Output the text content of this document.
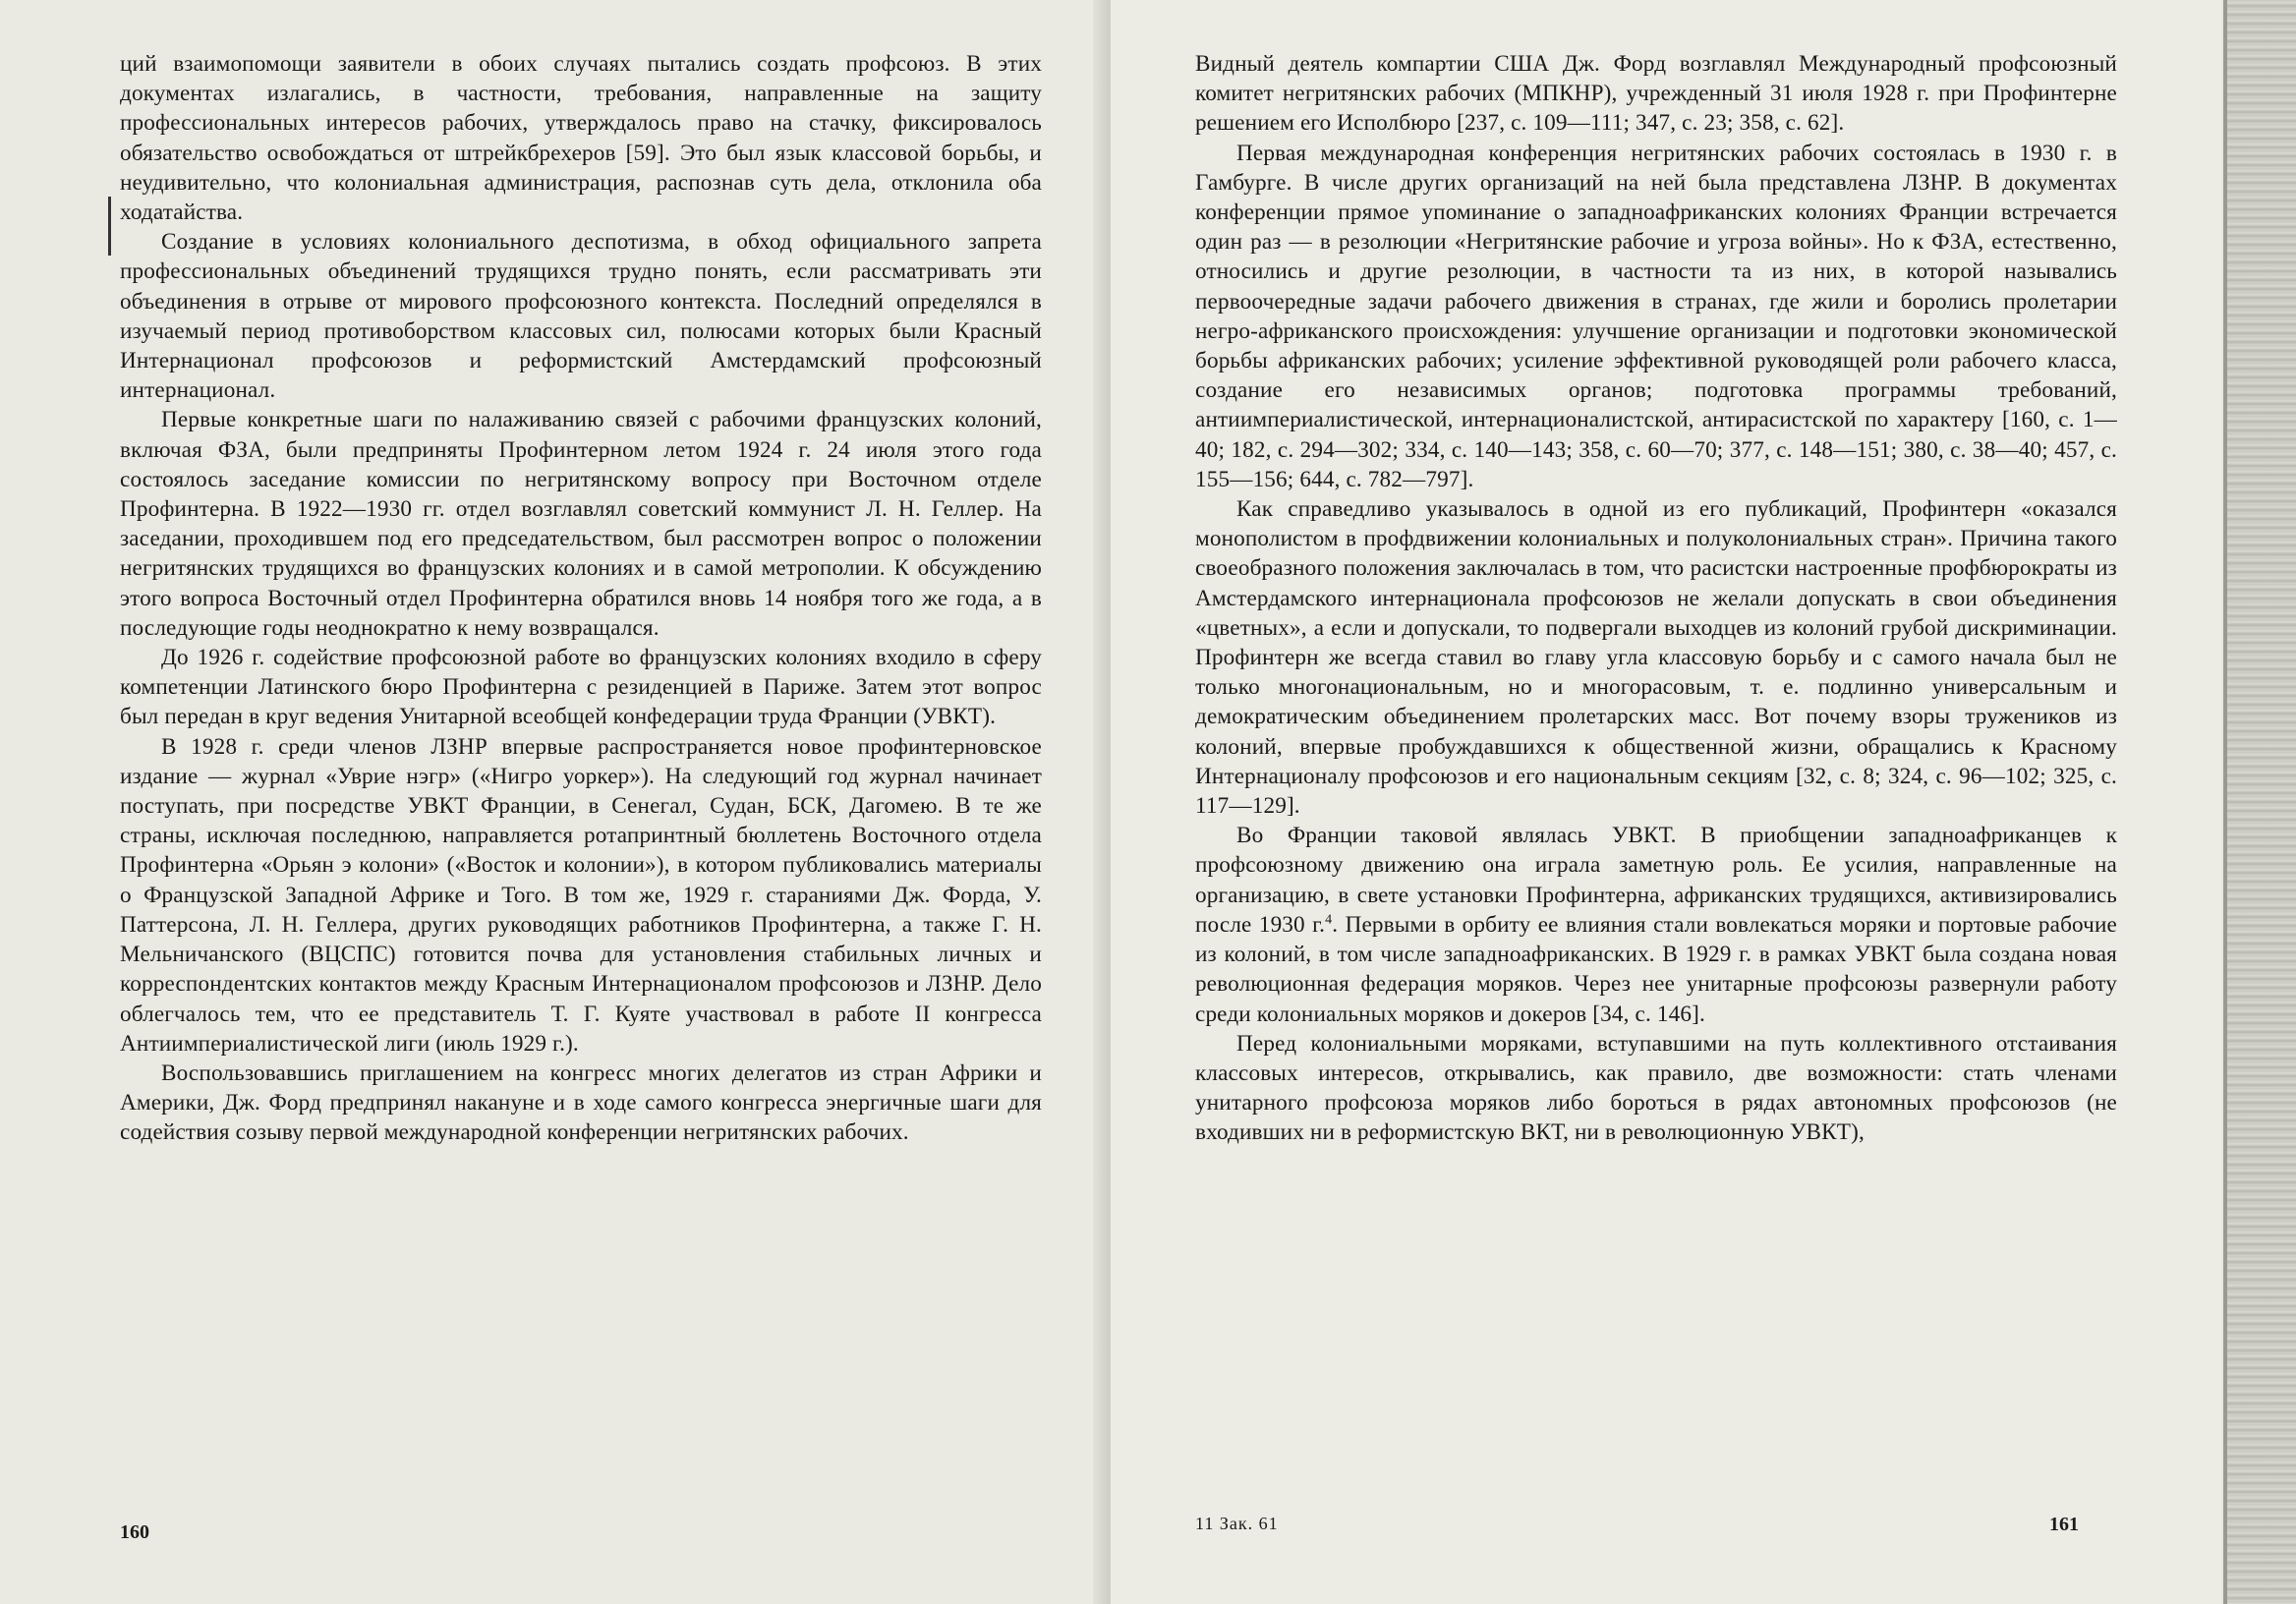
ций взаимопомощи заявители в обоих случаях пытались создать профсоюз. В этих документах излагались, в частности, требования, направленные на защиту профессиональных интересов рабочих, утверждалось право на стачку, фиксировалось обязательство освобождаться от штрейкбрехеров [59]. Это был язык классовой борьбы, и неудивительно, что колониальная администрация, распознав суть дела, отклонила оба ходатайства.

Создание в условиях колониального деспотизма, в обход официального запрета профессиональных объединений трудящихся трудно понять, если рассматривать эти объединения в отрыве от мирового профсоюзного контекста. Последний определялся в изучаемый период противоборством классовых сил, полюсами которых были Красный Интернационал профсоюзов и реформистский Амстердамский профсоюзный интернационал.

Первые конкретные шаги по налаживанию связей с рабочими французских колоний, включая ФЗА, были предприняты Профинтерном летом 1924 г. 24 июля этого года состоялось заседание комиссии по негритянскому вопросу при Восточном отделе Профинтерна. В 1922—1930 гг. отдел возглавлял советский коммунист Л. Н. Геллер. На заседании, проходившем под его председательством, был рассмотрен вопрос о положении негритянских трудящихся во французских колониях и в самой метрополии. К обсуждению этого вопроса Восточный отдел Профинтерна обратился вновь 14 ноября того же года, а в последующие годы неоднократно к нему возвращался.

До 1926 г. содействие профсоюзной работе во французских колониях входило в сферу компетенции Латинского бюро Профинтерна с резиденцией в Париже. Затем этот вопрос был передан в круг ведения Унитарной всеобщей конфедерации труда Франции (УВКТ).

В 1928 г. среди членов ЛЗНР впервые распространяется новое профинтерновское издание — журнал «Уврие нэгр» («Нигро уоркер»). На следующий год журнал начинает поступать, при посредстве УВКТ Франции, в Сенегал, Судан, БСК, Дагомею. В те же страны, исключая последнюю, направляется ротапринтный бюллетень Восточного отдела Профинтерна «Орьян э колони» («Восток и колонии»), в котором публиковались материалы о Французской Западной Африке и Того. В том же, 1929 г. стараниями Дж. Форда, У. Паттерсона, Л. Н. Геллера, других руководящих работников Профинтерна, а также Г. Н. Мельничанского (ВЦСПС) готовится почва для установления стабильных личных и корреспондентских контактов между Красным Интернационалом профсоюзов и ЛЗНР. Дело облегчалось тем, что ее представитель Т. Г. Куяте участвовал в работе II конгресса Антиимпериалистической лиги (июль 1929 г.).

Воспользовавшись приглашением на конгресс многих делегатов из стран Африки и Америки, Дж. Форд предпринял накануне и в ходе самого конгресса энергичные шаги для содействия созыву первой международной конференции негритянских рабочих.

160

Видный деятель компартии США Дж. Форд возглавлял Международный профсоюзный комитет негритянских рабочих (МПКНР), учрежденный 31 июля 1928 г. при Профинтерне решением его Исполбюро [237, с. 109—111; 347, с. 23; 358, с. 62].

Первая международная конференция негритянских рабочих состоялась в 1930 г. в Гамбурге. В числе других организаций на ней была представлена ЛЗНР. В документах конференции прямое упоминание о западноафриканских колониях Франции встречается один раз — в резолюции «Негритянские рабочие и угроза войны». Но к ФЗА, естественно, относились и другие резолюции, в частности та из них, в которой назывались первоочередные задачи рабочего движения в странах, где жили и боролись пролетарии негро-африканского происхождения: улучшение организации и подготовки экономической борьбы африканских рабочих; усиление эффективной руководящей роли рабочего класса, создание его независимых органов; подготовка программы требований, антиимпериалистической, интернационалистской, антирасистской по характеру [160, с. 1—40; 182, с. 294—302; 334, с. 140—143; 358, с. 60—70; 377, с. 148—151; 380, с. 38—40; 457, с. 155—156; 644, с. 782—797].

Как справедливо указывалось в одной из его публикаций, Профинтерн «оказался монополистом в профдвижении колониальных и полуколониальных стран». Причина такого своеобразного положения заключалась в том, что расистски настроенные профбюрократы из Амстердамского интернационала профсоюзов не желали допускать в свои объединения «цветных», а если и допускали, то подвергали выходцев из колоний грубой дискриминации. Профинтерн же всегда ставил во главу угла классовую борьбу и с самого начала был не только многонациональным, но и многорасовым, т. е. подлинно универсальным и демократическим объединением пролетарских масс. Вот почему взоры тружеников из колоний, впервые пробуждавшихся к общественной жизни, обращались к Красному Интернационалу профсоюзов и его национальным секциям [32, с. 8; 324, с. 96—102; 325, с. 117—129].

Во Франции таковой являлась УВКТ. В приобщении западноафриканцев к профсоюзному движению она играла заметную роль. Ее усилия, направленные на организацию, в свете установки Профинтерна, африканских трудящихся, активизировались после 1930 г.$^4$. Первыми в орбиту ее влияния стали вовлекаться моряки и портовые рабочие из колоний, в том числе западноафриканских. В 1929 г. в рамках УВКТ была создана новая революционная федерация моряков. Через нее унитарные профсоюзы развернули работу среди колониальных моряков и докеров [34, с. 146].

Перед колониальными моряками, вступавшими на путь коллективного отстаивания классовых интересов, открывались, как правило, две возможности: стать членами унитарного профсоюза моряков либо бороться в рядах автономных профсоюзов (не входивших ни в реформистскую ВКТ, ни в революционную УВКТ),

11 Зак. 61	161
